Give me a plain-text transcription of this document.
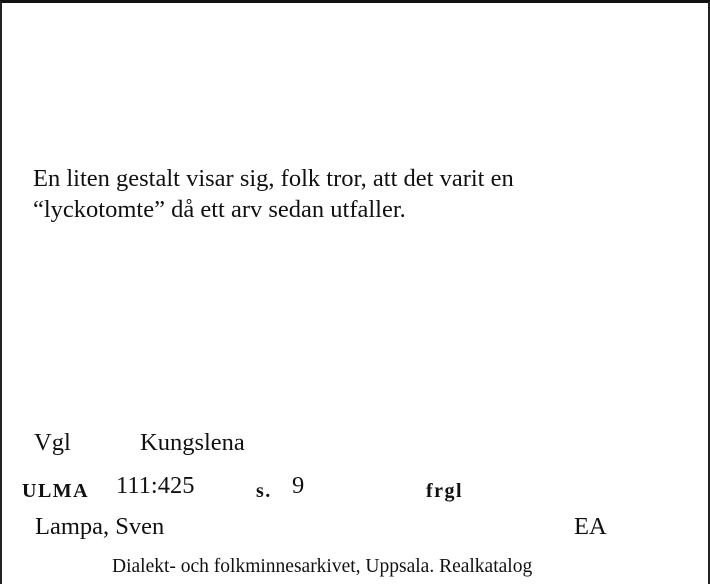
En liten gestalt visar sig, folk tror, att det varit en
“lyckotomte” då ett arv sedan utfaller.

Vgl	Kungslena
ULMA 111:425	s. 9	frgl
Lampa, Sven	EA
Dialekt- och folkminnesarkivet, Uppsala. Realkatalog
